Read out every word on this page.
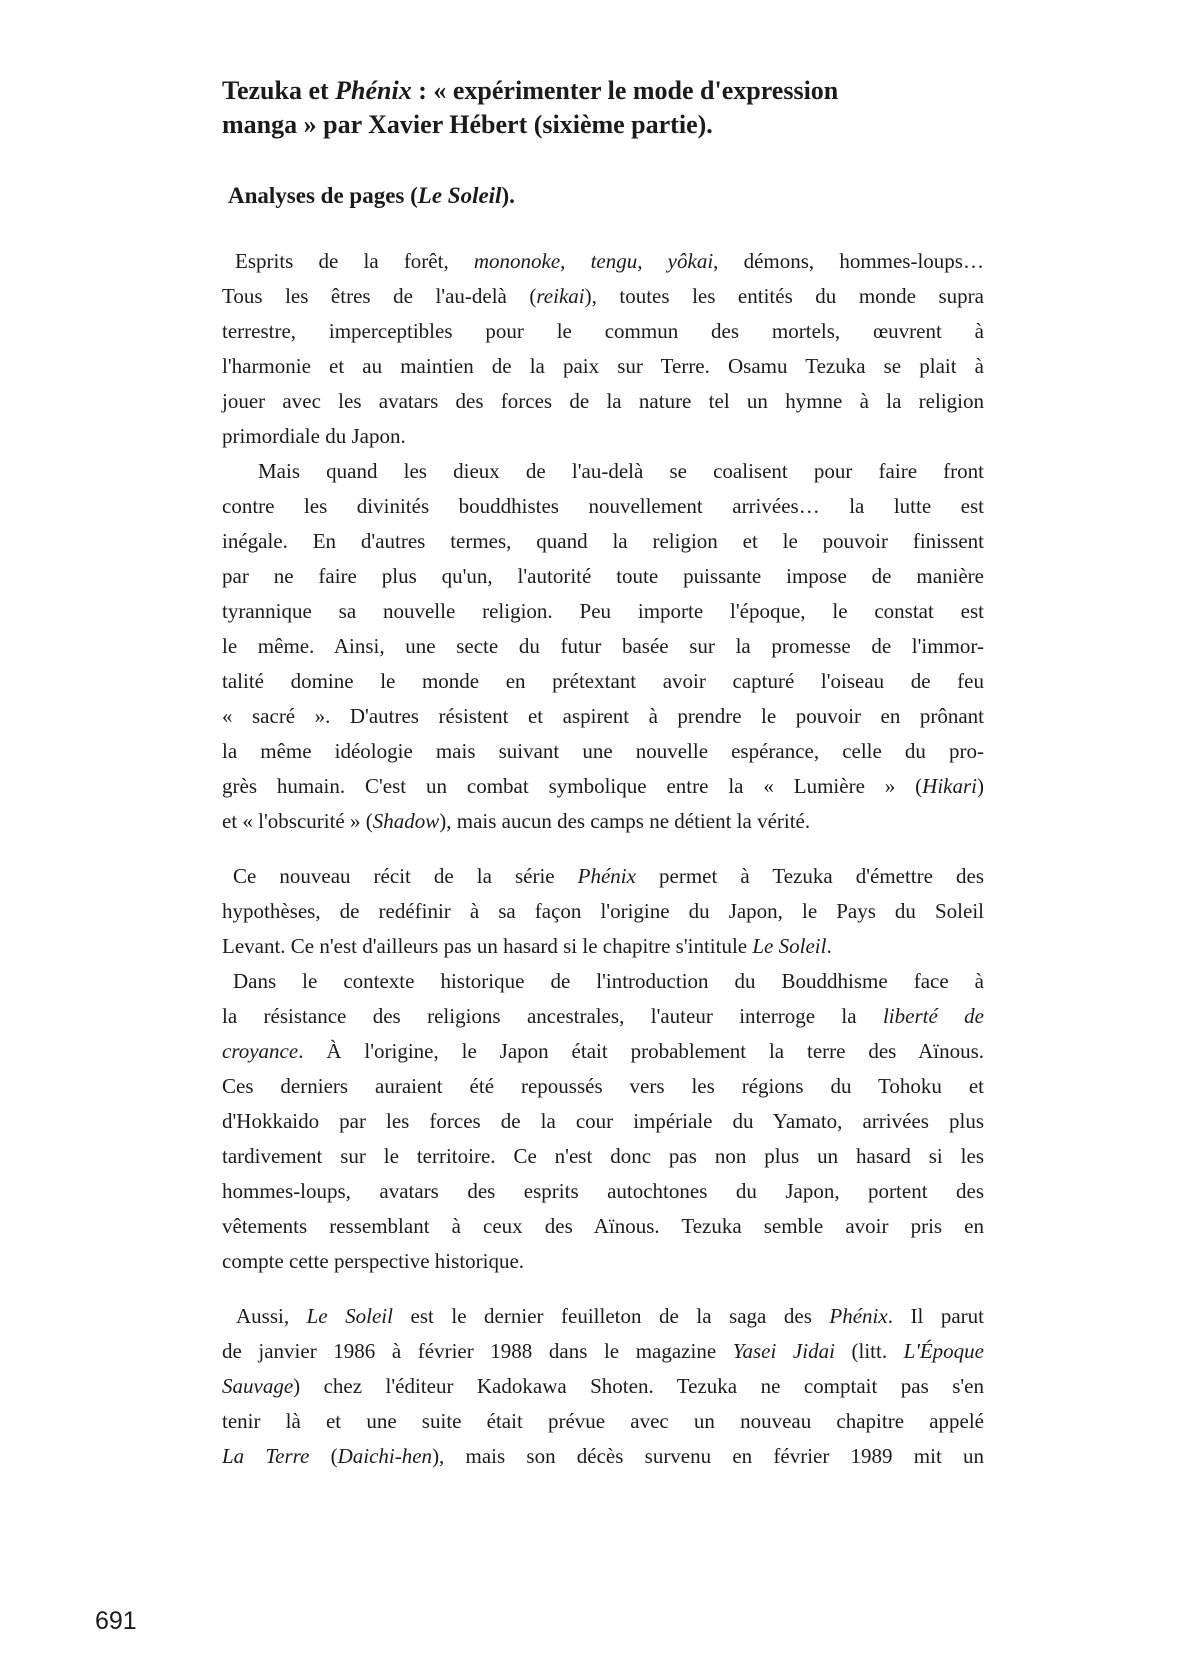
Tezuka et Phénix : « expérimenter le mode d'expression
manga » par Xavier Hébert (sixième partie).
Analyses de pages (Le Soleil).
Esprits de la forêt, mononoke, tengu, yôkai, démons, hommes-loups…
Tous les êtres de l'au-delà (reikai), toutes les entités du monde supra
terrestre, imperceptibles pour le commun des mortels, œuvrent à
l'harmonie et au maintien de la paix sur Terre. Osamu Tezuka se plait à
jouer avec les avatars des forces de la nature tel un hymne à la religion
primordiale du Japon.
Mais quand les dieux de l'au-delà se coalisent pour faire front
contre les divinités bouddhistes nouvellement arrivées… la lutte est
inégale. En d'autres termes, quand la religion et le pouvoir finissent
par ne faire plus qu'un, l'autorité toute puissante impose de manière
tyrannique sa nouvelle religion. Peu importe l'époque, le constat est
le même. Ainsi, une secte du futur basée sur la promesse de l'immor-
talité domine le monde en prétextant avoir capturé l'oiseau de feu
« sacré ». D'autres résistent et aspirent à prendre le pouvoir en prônant
la même idéologie mais suivant une nouvelle espérance, celle du pro-
grès humain. C'est un combat symbolique entre la « Lumière » (Hikari)
et « l'obscurité » (Shadow), mais aucun des camps ne détient la vérité.
Ce nouveau récit de la série Phénix permet à Tezuka d'émettre des
hypothèses, de redéfinir à sa façon l'origine du Japon, le Pays du Soleil
Levant. Ce n'est d'ailleurs pas un hasard si le chapitre s'intitule Le Soleil.
Dans le contexte historique de l'introduction du Bouddhisme face à
la résistance des religions ancestrales, l'auteur interroge la liberté de
croyance. À l'origine, le Japon était probablement la terre des Aïnous.
Ces derniers auraient été repoussés vers les régions du Tohoku et
d'Hokkaido par les forces de la cour impériale du Yamato, arrivées plus
tardivement sur le territoire. Ce n'est donc pas non plus un hasard si les
hommes-loups, avatars des esprits autochtones du Japon, portent des
vêtements ressemblant à ceux des Aïnous. Tezuka semble avoir pris en
compte cette perspective historique.
Aussi, Le Soleil est le dernier feuilleton de la saga des Phénix. Il parut
de janvier 1986 à février 1988 dans le magazine Yasei Jidai (litt. L'Époque
Sauvage) chez l'éditeur Kadokawa Shoten. Tezuka ne comptait pas s'en
tenir là et une suite était prévue avec un nouveau chapitre appelé
La Terre (Daichi-hen), mais son décès survenu en février 1989 mit un
691
